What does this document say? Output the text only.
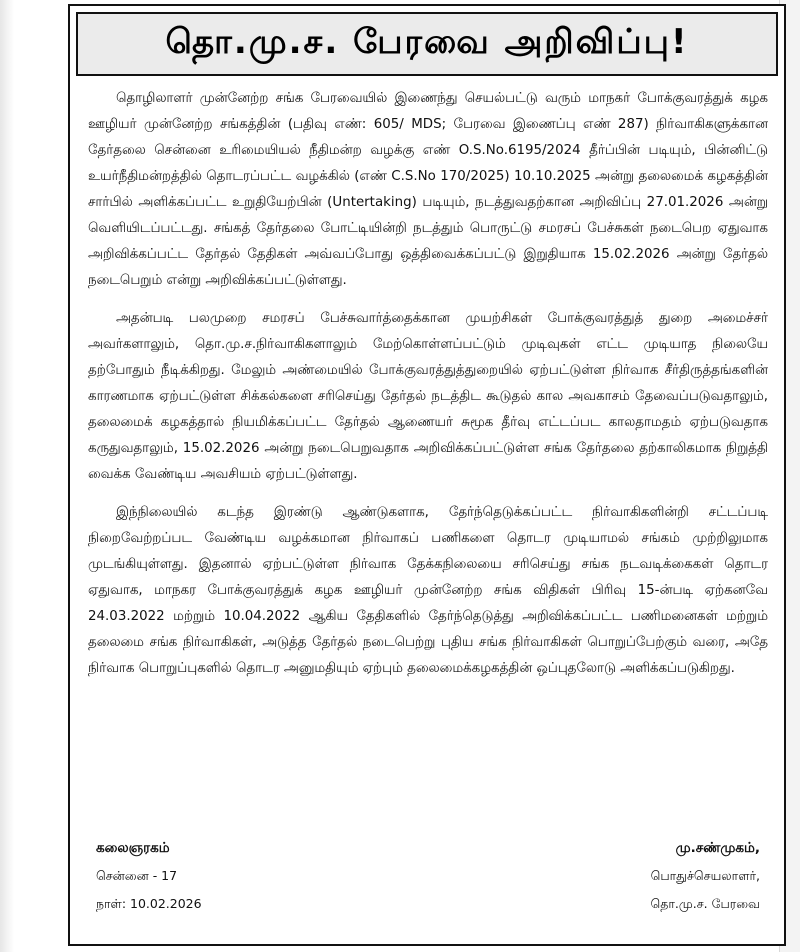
தொ.மு.ச. பேரவை அறிவிப்பு!

தொழிலாளர் முன்னேற்ற சங்க பேரவையில் இணைந்து செயல்பட்டு வரும் மாநகர் போக்குவரத்துக் கழக ஊழியர் முன்னேற்ற சங்கத்தின் (பதிவு எண்: 605/ MDS; பேரவை இணைப்பு எண் 287) நிர்வாகிகளுக்கான தேர்தலை சென்னை உரிமையியல் நீதிமன்ற வழக்கு எண் O.S.No.6195/2024 தீர்ப்பின் படியும், பின்னிட்டு உயர்நீதிமன்றத்தில் தொடரப்பட்ட வழக்கில் (எண் C.S.No 170/2025) 10.10.2025 அன்று தலைமைக் கழகத்தின் சார்பில் அளிக்கப்பட்ட உறுதியேற்பின் (Untertaking) படியும், நடத்துவதற்கான அறிவிப்பு 27.01.2026 அன்று வெளியிடப்பட்டது. சங்கத் தேர்தலை போட்டியின்றி நடத்தும் பொருட்டு சமரசப் பேச்சுகள் நடைபெற ஏதுவாக அறிவிக்கப்பட்ட தேர்தல் தேதிகள் அவ்வப்போது ஒத்திவைக்கப்பட்டு இறுதியாக 15.02.2026 அன்று தேர்தல் நடைபெறும் என்று அறிவிக்கப்பட்டுள்ளது.

அதன்படி பலமுறை சமரசப் பேச்சுவார்த்தைக்கான முயற்சிகள் போக்குவரத்துத் துறை அமைச்சர் அவர்களாலும், தொ.மு.ச.நிர்வாகிகளாலும் மேற்கொள்ளப்பட்டும் முடிவுகள் எட்ட முடியாத நிலையே தற்போதும் நீடிக்கிறது. மேலும் அண்மையில் போக்குவரத்துத்துறையில் ஏற்பட்டுள்ள நிர்வாக சீர்திருத்தங்களின் காரணமாக ஏற்பட்டுள்ள சிக்கல்களை சரிசெய்து தேர்தல் நடத்திட கூடுதல் கால அவகாசம் தேவைப்படுவதாலும், தலைமைக் கழகத்தால் நியமிக்கப்பட்ட தேர்தல் ஆணையர் சுமூக தீர்வு எட்டப்பட காலதாமதம் ஏற்படுவதாக கருதுவதாலும், 15.02.2026 அன்று நடைபெறுவதாக அறிவிக்கப்பட்டுள்ள சங்க தேர்தலை தற்காலிகமாக நிறுத்தி வைக்க வேண்டிய அவசியம் ஏற்பட்டுள்ளது.

இந்நிலையில் கடந்த இரண்டு ஆண்டுகளாக, தேர்ந்தெடுக்கப்பட்ட நிர்வாகிகளின்றி சட்டப்படி நிறைவேற்றப்பட வேண்டிய வழக்கமான நிர்வாகப் பணிகளை தொடர முடியாமல் சங்கம் முற்றிலுமாக முடங்கியுள்ளது. இதனால் ஏற்பட்டுள்ள நிர்வாக தேக்கநிலையை சரிசெய்து சங்க நடவடிக்கைகள் தொடர ஏதுவாக, மாநகர போக்குவரத்துக் கழக ஊழியர் முன்னேற்ற சங்க விதிகள் பிரிவு 15-ன்படி ஏற்கனவே 24.03.2022 மற்றும் 10.04.2022 ஆகிய தேதிகளில் தேர்ந்தெடுத்து அறிவிக்கப்பட்ட பணிமனைகள் மற்றும் தலைமை சங்க நிர்வாகிகள், அடுத்த தேர்தல் நடைபெற்று புதிய சங்க நிர்வாகிகள் பொறுப்பேற்கும் வரை, அதே நிர்வாக பொறுப்புகளில் தொடர அனுமதியும் ஏற்பும் தலைமைக்கழகத்தின் ஒப்புதலோடு அளிக்கப்படுகிறது.

கலைஞரகம்
சென்னை - 17
நாள்: 10.02.2026
மு.சண்முகம்,
பொதுச்செயலாளர்,
தொ.மு.ச. பேரவை
